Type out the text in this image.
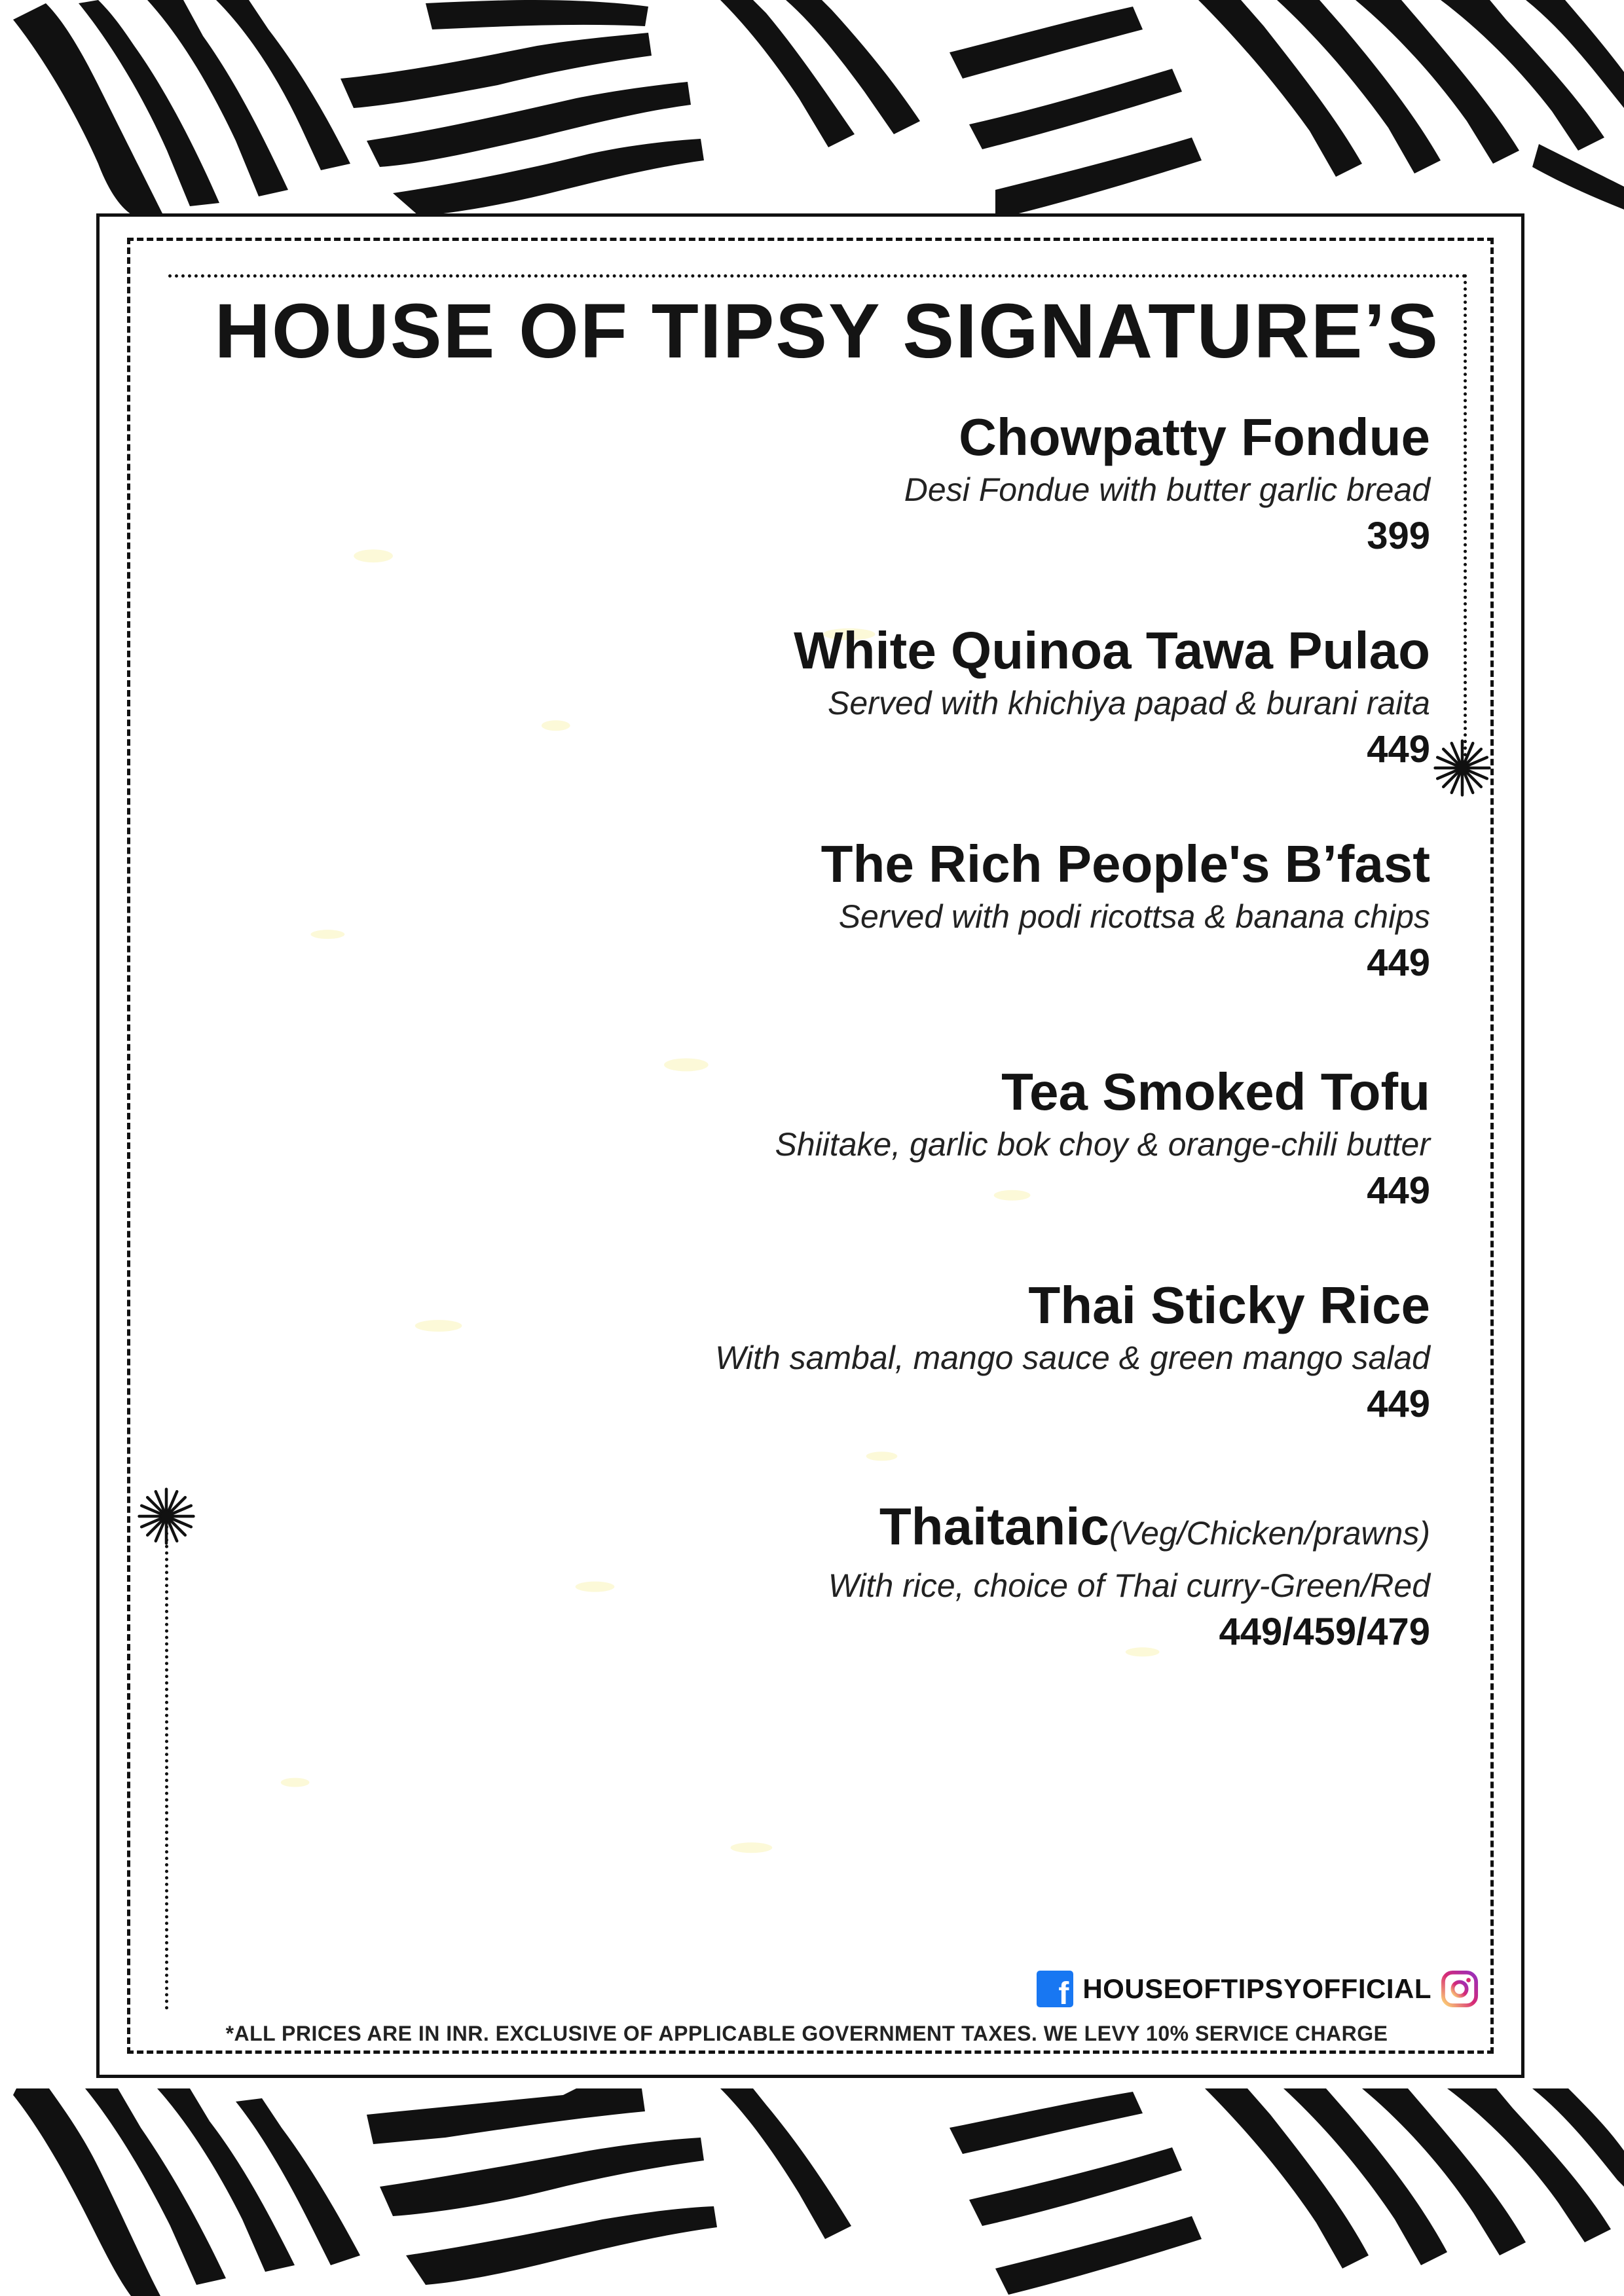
HOUSE OF TIPSY SIGNATURE’S
Chowpatty Fondue
Desi Fondue with butter garlic bread
399
White Quinoa Tawa Pulao
Served with khichiya papad & burani raita
449
The Rich People's B’fast
Served with podi ricottsa & banana chips
449
Tea Smoked Tofu
Shiitake, garlic bok choy & orange-chili butter
449
Thai Sticky Rice
With sambal, mango sauce & green mango salad
449
Thaitanic(Veg/Chicken/prawns)
With rice, choice of Thai curry-Green/Red
449/459/479
f HOUSEOFTIPSYOFFICIAL
*ALL PRICES ARE IN INR. EXCLUSIVE OF APPLICABLE GOVERNMENT TAXES. WE LEVY 10% SERVICE CHARGE
